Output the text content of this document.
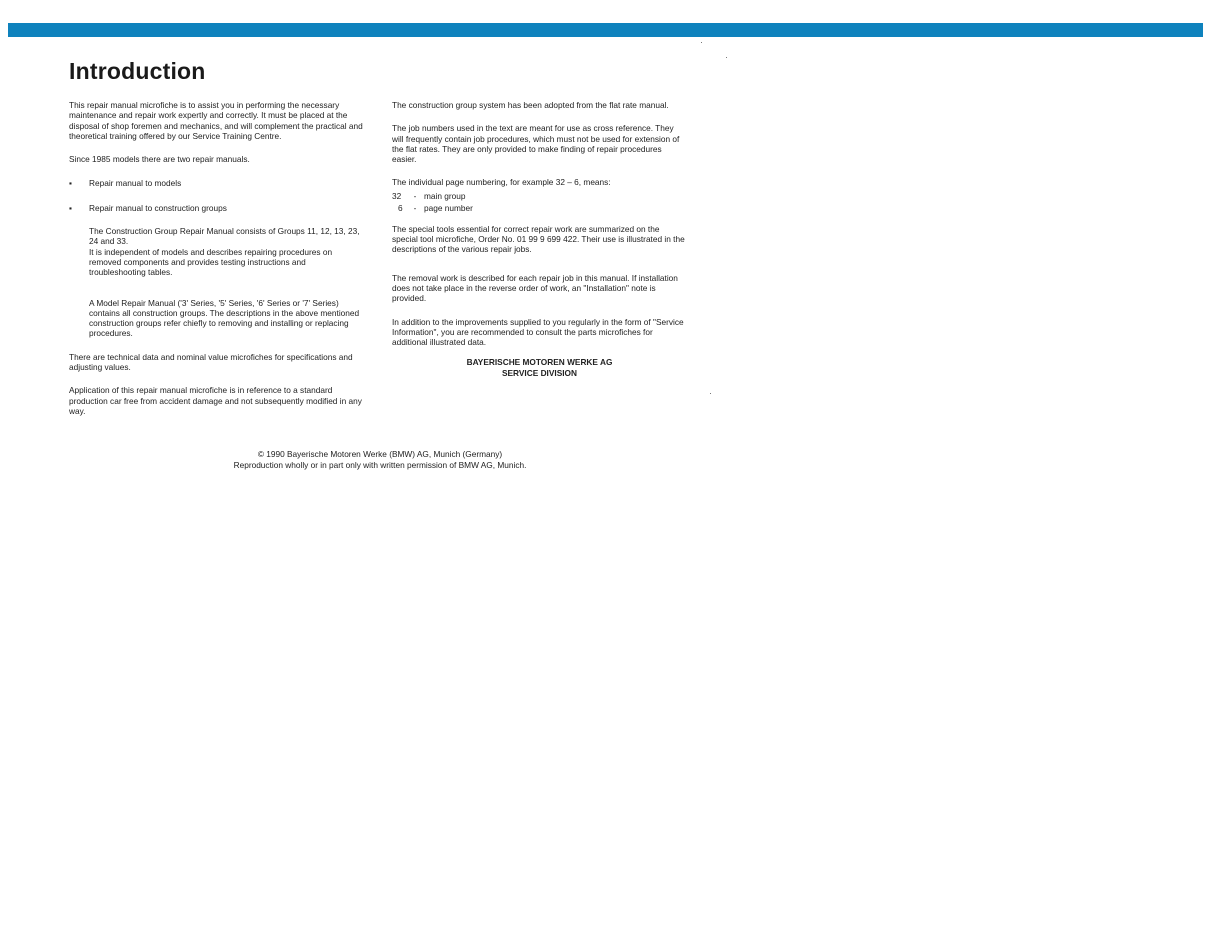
Introduction

This repair manual microfiche is to assist you in performing the necessary maintenance and repair work expertly and correctly. It must be placed at the disposal of shop foremen and mechanics, and will complement the practical and theoretical training offered by our Service Training Centre.

Since 1985 models there are two repair manuals.

▪	Repair manual to models
▪	Repair manual to construction groups

The Construction Group Repair Manual consists of Groups 11, 12, 13, 23, 24 and 33.

It is independent of models and describes repairing procedures on removed components and provides testing instructions and troubleshooting tables.

A Model Repair Manual ('3' Series, '5' Series, '6' Series or '7' Series) contains all construction groups. The descriptions in the above mentioned construction groups refer chiefly to removing and installing or replacing procedures.

There are technical data and nominal value microfiches for specifications and adjusting values.

Application of this repair manual microfiche is in reference to a standard production car free from accident damage and not subsequently modified in any way.

The construction group system has been adopted from the flat rate manual.

The job numbers used in the text are meant for use as cross reference. They will frequently contain job procedures, which must not be used for extension of the flat rates. They are only provided to make finding of repair procedures easier.

The individual page numbering, for example 32 – 6, means:

32	- main group
6	- page number

The special tools essential for correct repair work are summarized on the special tool microfiche, Order No. 01 99 9 699 422. Their use is illustrated in the descriptions of the various repair jobs.

The removal work is described for each repair job in this manual. If installation does not take place in the reverse order of work, an "Installation" note is provided.

In addition to the improvements supplied to you regularly in the form of "Service Information", you are recommended to consult the parts microfiches for additional illustrated data.

BAYERISCHE MOTOREN WERKE AG
SERVICE DIVISION
© 1990 Bayerische Motoren Werke (BMW) AG, Munich (Germany)
Reproduction wholly or in part only with written permission of BMW AG, Munich.
